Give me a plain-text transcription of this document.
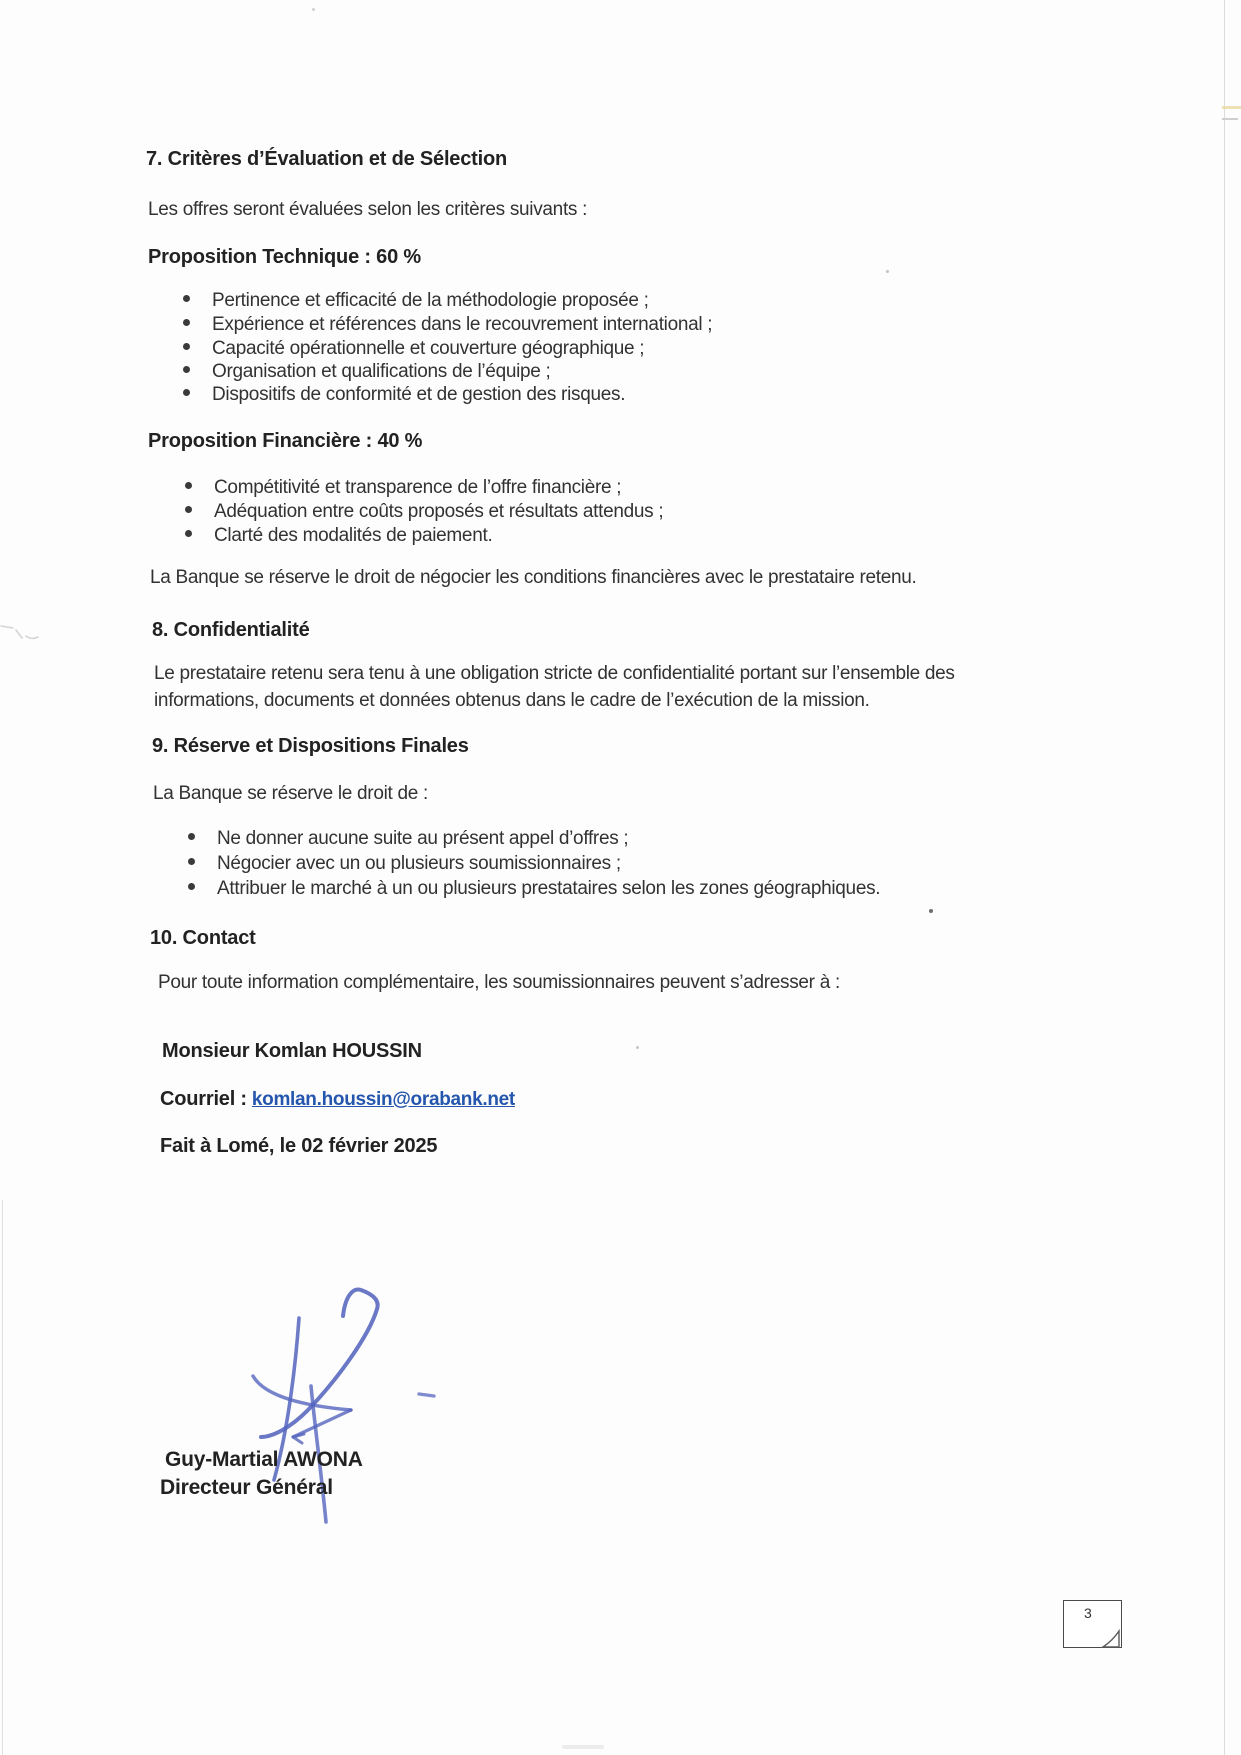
7. Critères d’Évaluation et de Sélection
Les offres seront évaluées selon les critères suivants :
Proposition Technique : 60 %
Pertinence et efficacité de la méthodologie proposée ;
Expérience et références dans le recouvrement international ;
Capacité opérationnelle et couverture géographique ;
Organisation et qualifications de l’équipe ;
Dispositifs de conformité et de gestion des risques.
Proposition Financière : 40 %
Compétitivité et transparence de l’offre financière ;
Adéquation entre coûts proposés et résultats attendus ;
Clarté des modalités de paiement.
La Banque se réserve le droit de négocier les conditions financières avec le prestataire retenu.
8. Confidentialité
Le prestataire retenu sera tenu à une obligation stricte de confidentialité portant sur l’ensemble des
informations, documents et données obtenus dans le cadre de l’exécution de la mission.
9. Réserve et Dispositions Finales
La Banque se réserve le droit de :
Ne donner aucune suite au présent appel d’offres ;
Négocier avec un ou plusieurs soumissionnaires ;
Attribuer le marché à un ou plusieurs prestataires selon les zones géographiques.
10. Contact
Pour toute information complémentaire, les soumissionnaires peuvent s’adresser à :
Monsieur Komlan HOUSSIN
Courriel : komlan.houssin@orabank.net
Fait à Lomé, le 02 février 2025
Guy-Martial AWONA
Directeur Général
3
